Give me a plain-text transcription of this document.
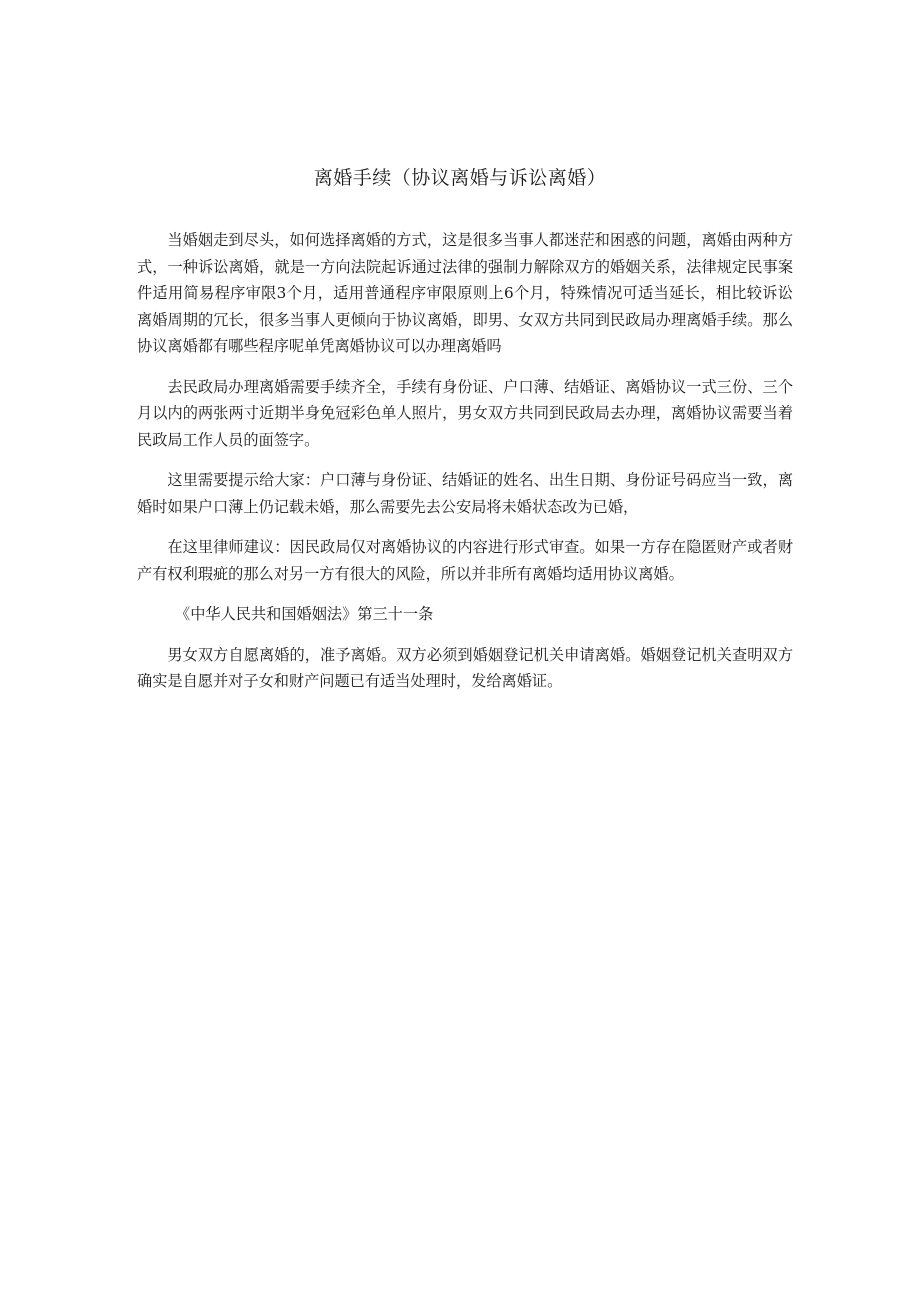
离婚手续（协议离婚与诉讼离婚）

当婚姻走到尽头，如何选择离婚的方式，这是很多当事人都迷茫和困惑的问题，离婚由两种方式，一种诉讼离婚，就是一方向法院起诉通过法律的强制力解除双方的婚姻关系，法律规定民事案件适用简易程序审限3个月，适用普通程序审限原则上6个月，特殊情况可适当延长，相比较诉讼离婚周期的冗长，很多当事人更倾向于协议离婚，即男、女双方共同到民政局办理离婚手续。那么协议离婚都有哪些程序呢单凭离婚协议可以办理离婚吗

去民政局办理离婚需要手续齐全，手续有身份证、户口薄、结婚证、离婚协议一式三份、三个月以内的两张两寸近期半身免冠彩色单人照片，男女双方共同到民政局去办理，离婚协议需要当着民政局工作人员的面签字。

这里需要提示给大家：户口薄与身份证、结婚证的姓名、出生日期、身份证号码应当一致，离婚时如果户口薄上仍记载未婚，那么需要先去公安局将未婚状态改为已婚，

在这里律师建议：因民政局仅对离婚协议的内容进行形式审查。如果一方存在隐匿财产或者财产有权利瑕疵的那么对另一方有很大的风险，所以并非所有离婚均适用协议离婚。

《中华人民共和国婚姻法》第三十一条

男女双方自愿离婚的，准予离婚。双方必须到婚姻登记机关申请离婚。婚姻登记机关查明双方确实是自愿并对子女和财产问题已有适当处理时，发给离婚证。
